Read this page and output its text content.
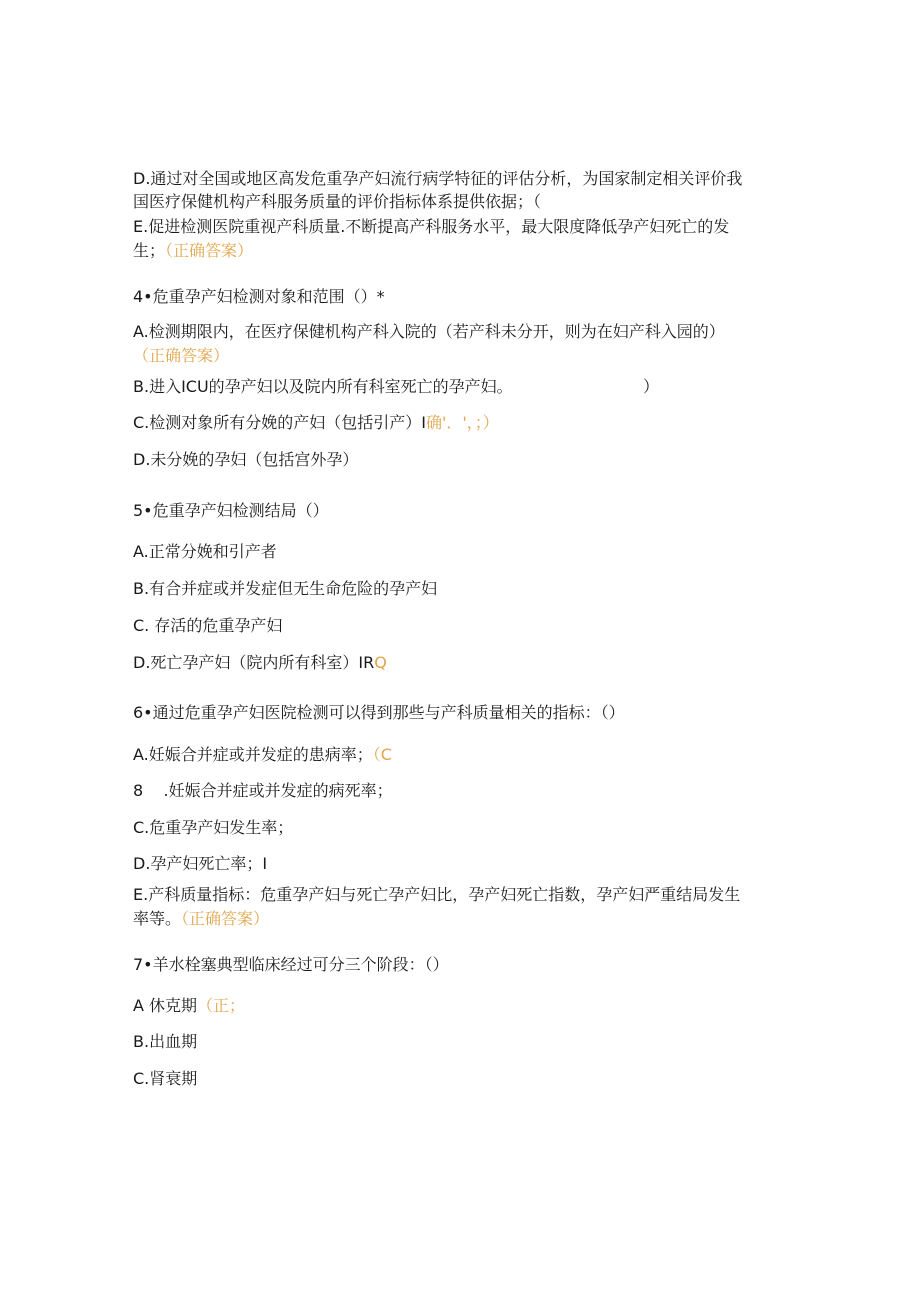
D.通过对全国或地区高发危重孕产妇流行病学特征的评估分析，为国家制定相关评价我
国医疗保健机构产科服务质量的评价指标体系提供依据；（
E.促进检测医院重视产科质量.不断提高产科服务水平，最大限度降低孕产妇死亡的发
生；（正确答案）
4•危重孕产妇检测对象和范围（）*
A.检测期限内，在医疗保健机构产科入院的（若产科未分开，则为在妇产科入园的）
（正确答案）
B.进入ICU的孕产妇以及院内所有科室死亡的孕产妇。	）
C.检测对象所有分娩的产妇（包括引产）I确'．'，；）
D.未分娩的孕妇（包括宫外孕）
5•危重孕产妇检测结局（）
A.正常分娩和引产者
B.有合并症或并发症但无生命危险的孕产妇
C. 存活的危重孕产妇
D.死亡孕产妇（院内所有科室）IRQ
6•通过危重孕产妇医院检测可以得到那些与产科质量相关的指标：（）
A.妊娠合并症或并发症的患病率；（C
8    .妊娠合并症或并发症的病死率；
C.危重孕产妇发生率；
D.孕产妇死亡率；I
E.产科质量指标：危重孕产妇与死亡孕产妇比，孕产妇死亡指数，孕产妇严重结局发生
率等。（正确答案）
7•羊水栓塞典型临床经过可分三个阶段：（）
A 休克期（正；
B.出血期
C.肾衰期
